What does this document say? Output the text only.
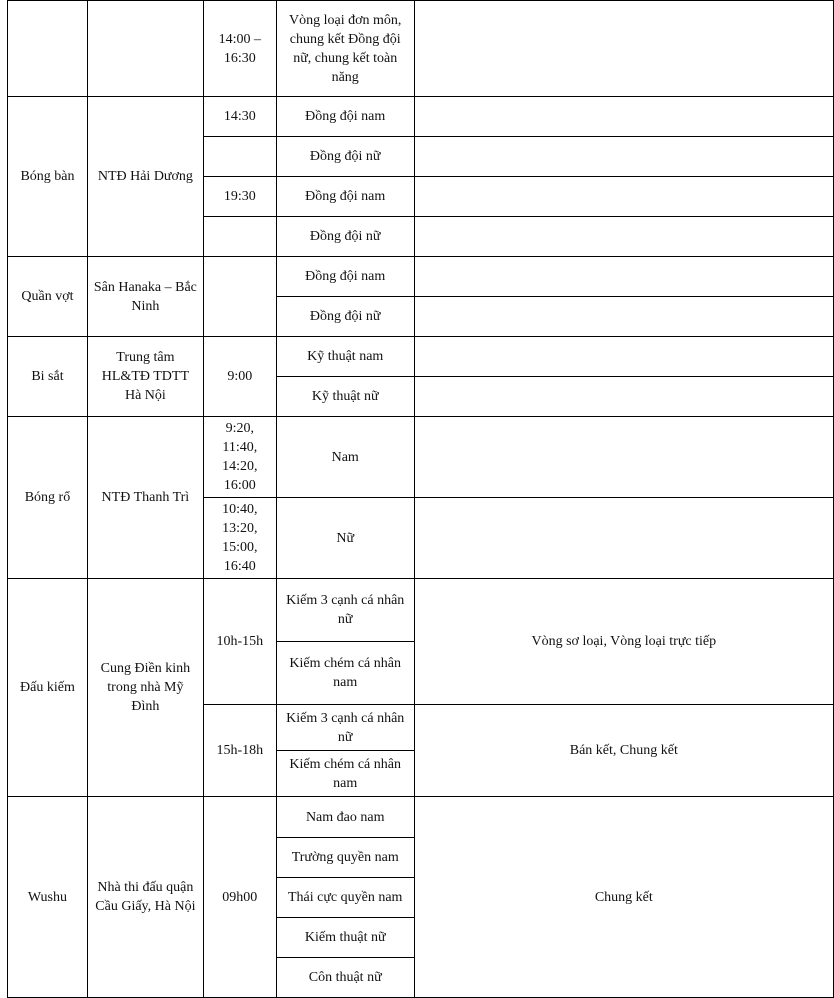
		14:00 – 16:30	Vòng loại đơn môn, chung kết Đồng đội nữ, chung kết toàn năng	
Bóng bàn	NTĐ Hải Dương	14:30	Đồng đội nam	
			Đồng đội nữ	
		19:30	Đồng đội nam	
			Đồng đội nữ	
Quần vợt	Sân Hanaka – Bắc Ninh		Đồng đội nam	
			Đồng đội nữ	
Bi sắt	Trung tâm HL&TĐ TDTT Hà Nội	9:00	Kỹ thuật nam	
			Kỹ thuật nữ	
Bóng rổ	NTĐ Thanh Trì	9:20, 11:40, 14:20, 16:00	Nam	
		10:40, 13:20, 15:00, 16:40	Nữ	
Đấu kiếm	Cung Điền kinh trong nhà Mỹ Đình	10h-15h	Kiếm 3 cạnh cá nhân nữ	Vòng sơ loại, Vòng loại trực tiếp
			Kiếm chém cá nhân nam	
		15h-18h	Kiếm 3 cạnh cá nhân nữ	Bán kết, Chung kết
			Kiếm chém cá nhân nam	
Wushu	Nhà thi đấu quận Cầu Giấy, Hà Nội	09h00	Nam đao nam	Chung kết
			Trường quyền nam	
			Thái cực quyền nam	
			Kiếm thuật nữ	
			Côn thuật nữ	
